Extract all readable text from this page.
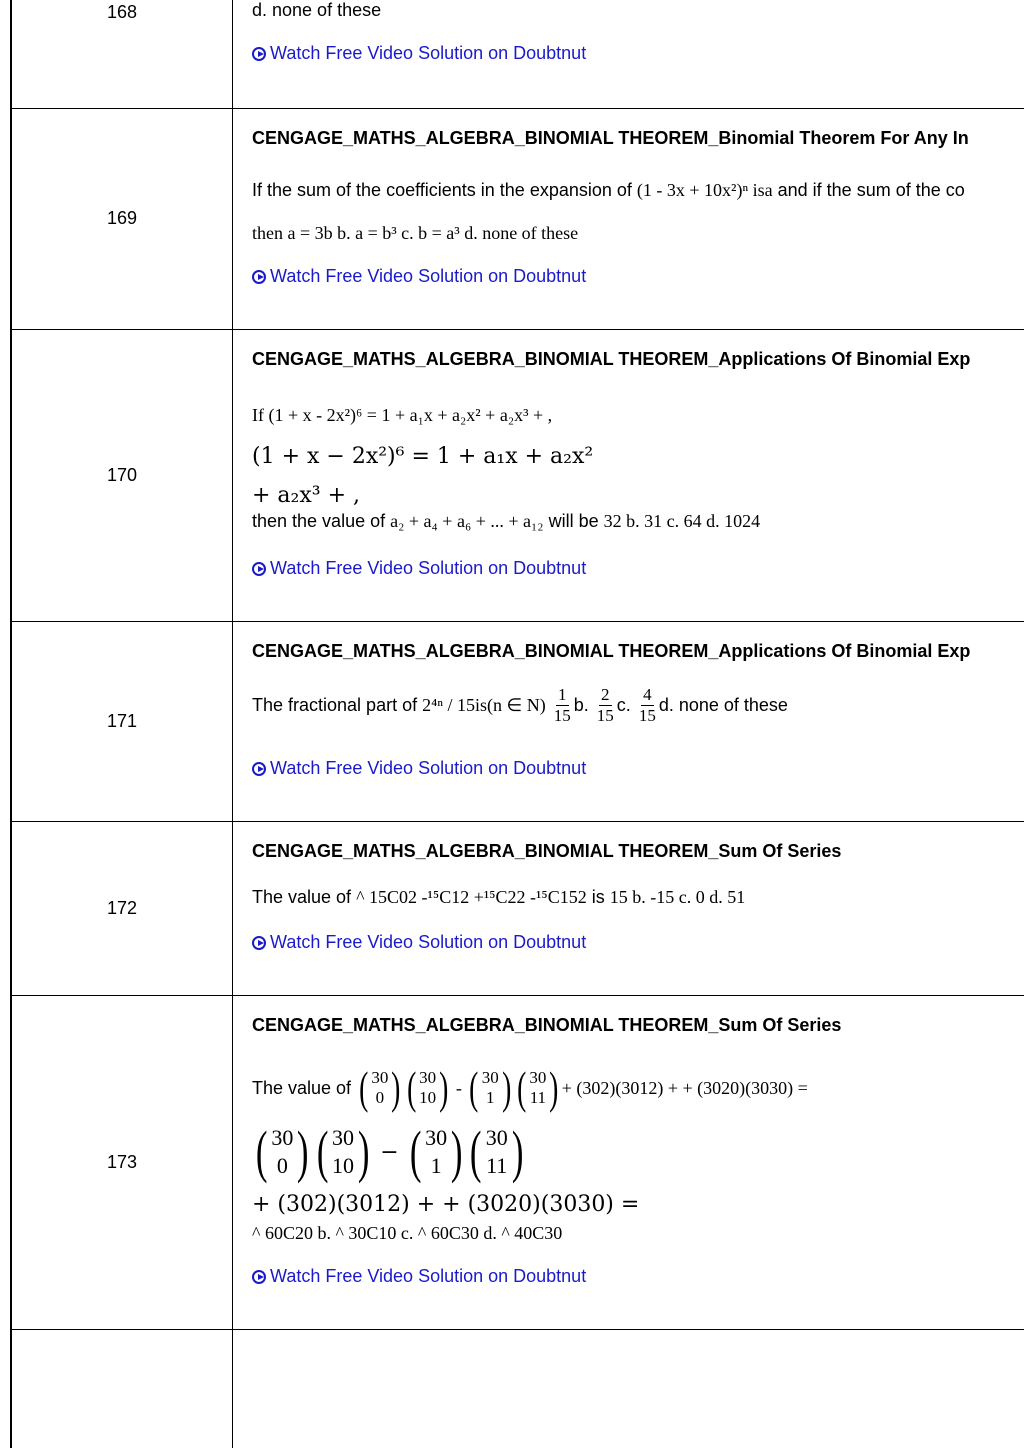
168	d. none of these
Watch Free Video Solution on Doubtnut
169
CENGAGE_MATHS_ALGEBRA_BINOMIAL THEOREM_Binomial Theorem For Any In
If the sum of the coefficients in the expansion of (1 - 3x + 10x²)ⁿ isa and if the sum of the co
then a = 3b b. a = b³ c. b = a³ d. none of these
Watch Free Video Solution on Doubtnut
170
CENGAGE_MATHS_ALGEBRA_BINOMIAL THEOREM_Applications Of Binomial Exp
If (1 + x - 2x²)⁶ = 1 + a₁x + a₂x² + a₂x³ + ,
(1 + x − 2x²)⁶ = 1 + a₁x + a₂x²
+ a₂x³ + ,
then the value of a₂ + a₄ + a₆ + ... + a₁₂ will be 32 b. 31 c. 64 d. 1024
Watch Free Video Solution on Doubtnut
171
CENGAGE_MATHS_ALGEBRA_BINOMIAL THEOREM_Applications Of Binomial Exp
The fractional part of
2⁴ⁿ / 15is(n ∈ N)
$\frac{1}{15} b$.
$\frac{2}{15} c$.
$\frac{4}{15} d$. none of these
Watch Free Video Solution on Doubtnut
172
CENGAGE_MATHS_ALGEBRA_BINOMIAL THEOREM_Sum Of Series
The value of ^ 15C02 -¹⁵C12 +¹⁵C22 -¹⁵C152 is 15 b. -15 c. 0 d. 51
Watch Free Video Solution on Doubtnut
173
CENGAGE_MATHS_ALGEBRA_BINOMIAL THEOREM_Sum Of Series
The value of
( 30
0 ) ( 30
10 ) - ( 30
1 ) ( 30
11 ) + (302)(3012) + + (3020)(3030) =
( 30
0 ) ( 30
10 ) − ( 30
1 ) ( 30
11 )
+ (302)(3012) + + (3020)(3030) =
^ 60C20 b. ^ 30C10 c. ^ 60C30 d. ^ 40C30
Watch Free Video Solution on Doubtnut
